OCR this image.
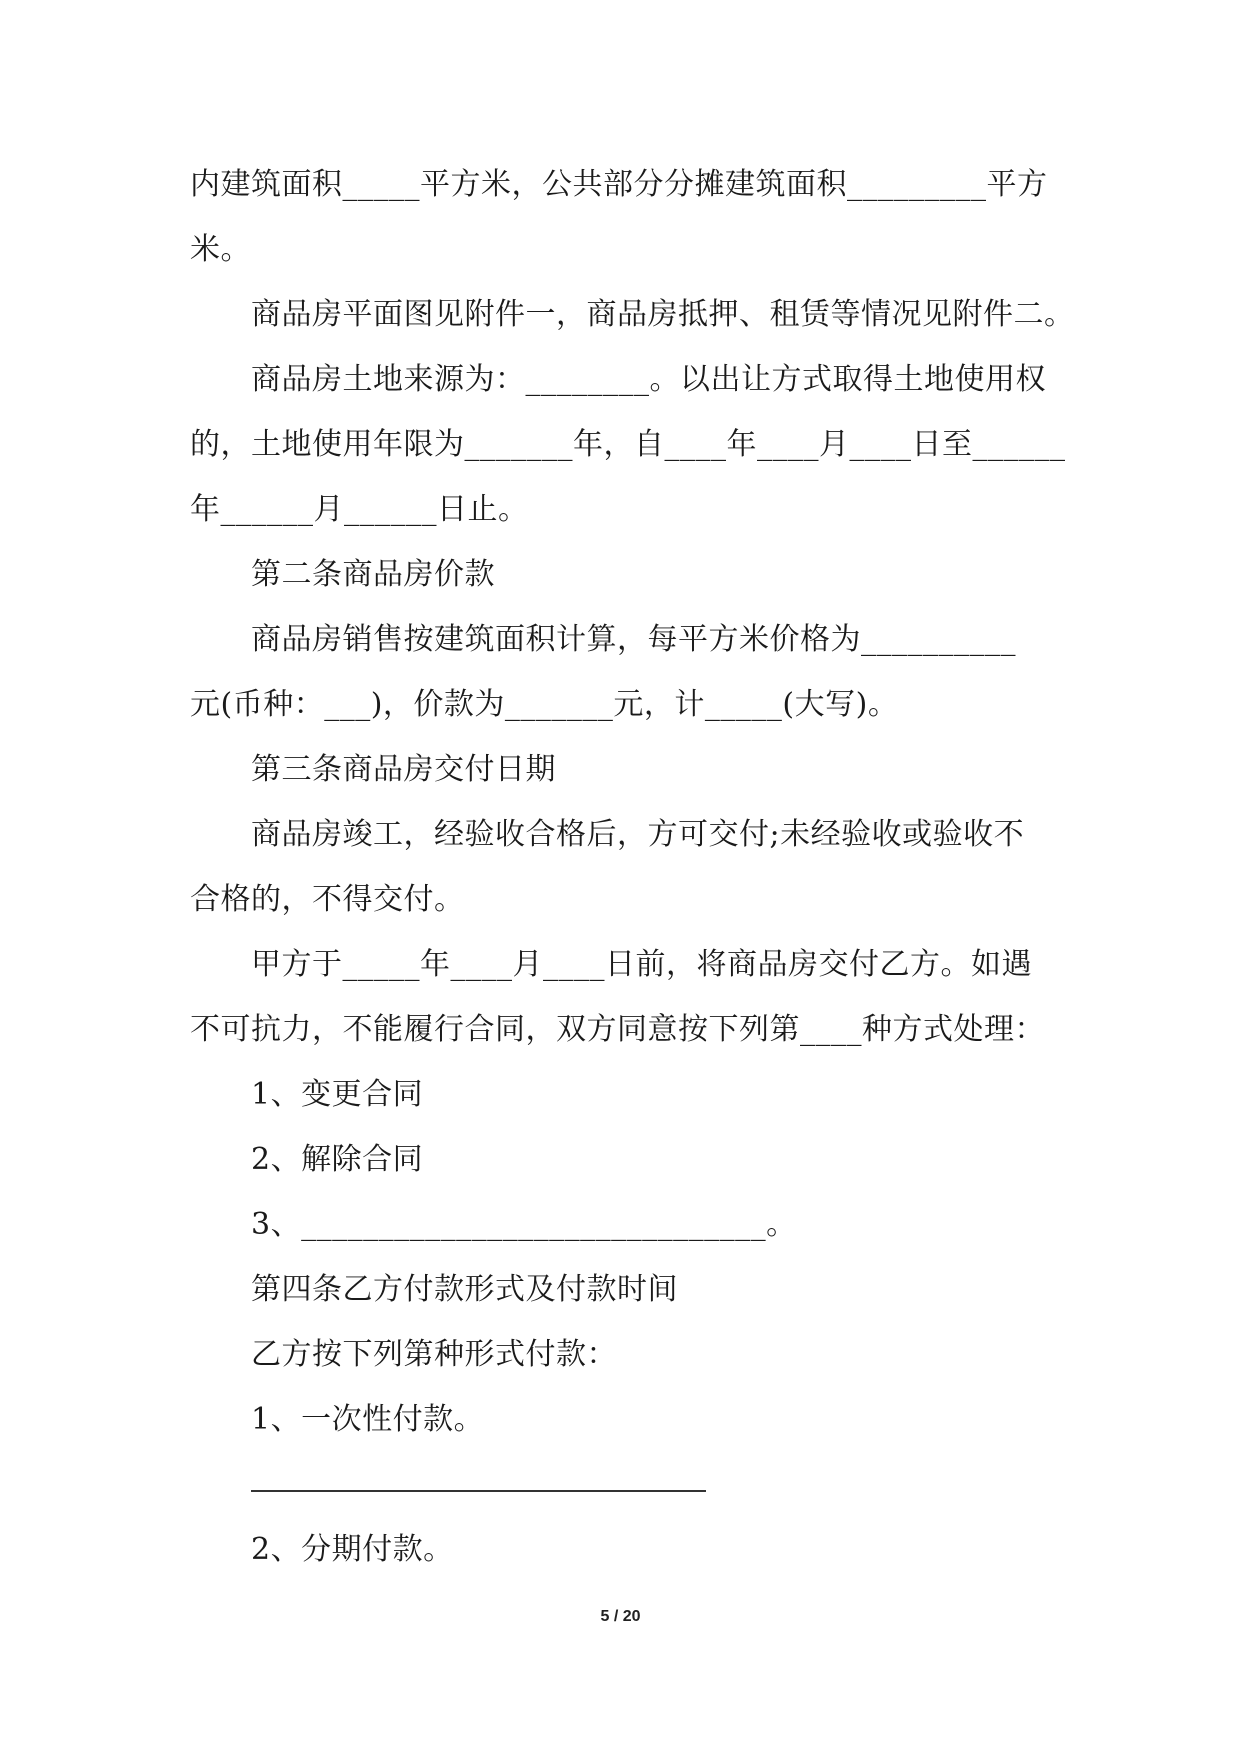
内建筑面积_____平方米，公共部分分摊建筑面积_________平方
米。
商品房平面图见附件一，商品房抵押、租赁等情况见附件二。
商品房土地来源为：________。以出让方式取得土地使用权
的，土地使用年限为_______年，自____年____月____日至______
年______月______日止。
第二条商品房价款
商品房销售按建筑面积计算，每平方米价格为__________
元(币种：___)，价款为_______元，计_____(大写)。
第三条商品房交付日期
商品房竣工，经验收合格后，方可交付;未经验收或验收不
合格的，不得交付。
甲方于_____年____月____日前，将商品房交付乙方。如遇
不可抗力，不能履行合同，双方同意按下列第____种方式处理：
1、变更合同
2、解除合同
3、______________________________。
第四条乙方付款形式及付款时间
乙方按下列第种形式付款：
1、一次性付款。
2、分期付款。
5 / 20
